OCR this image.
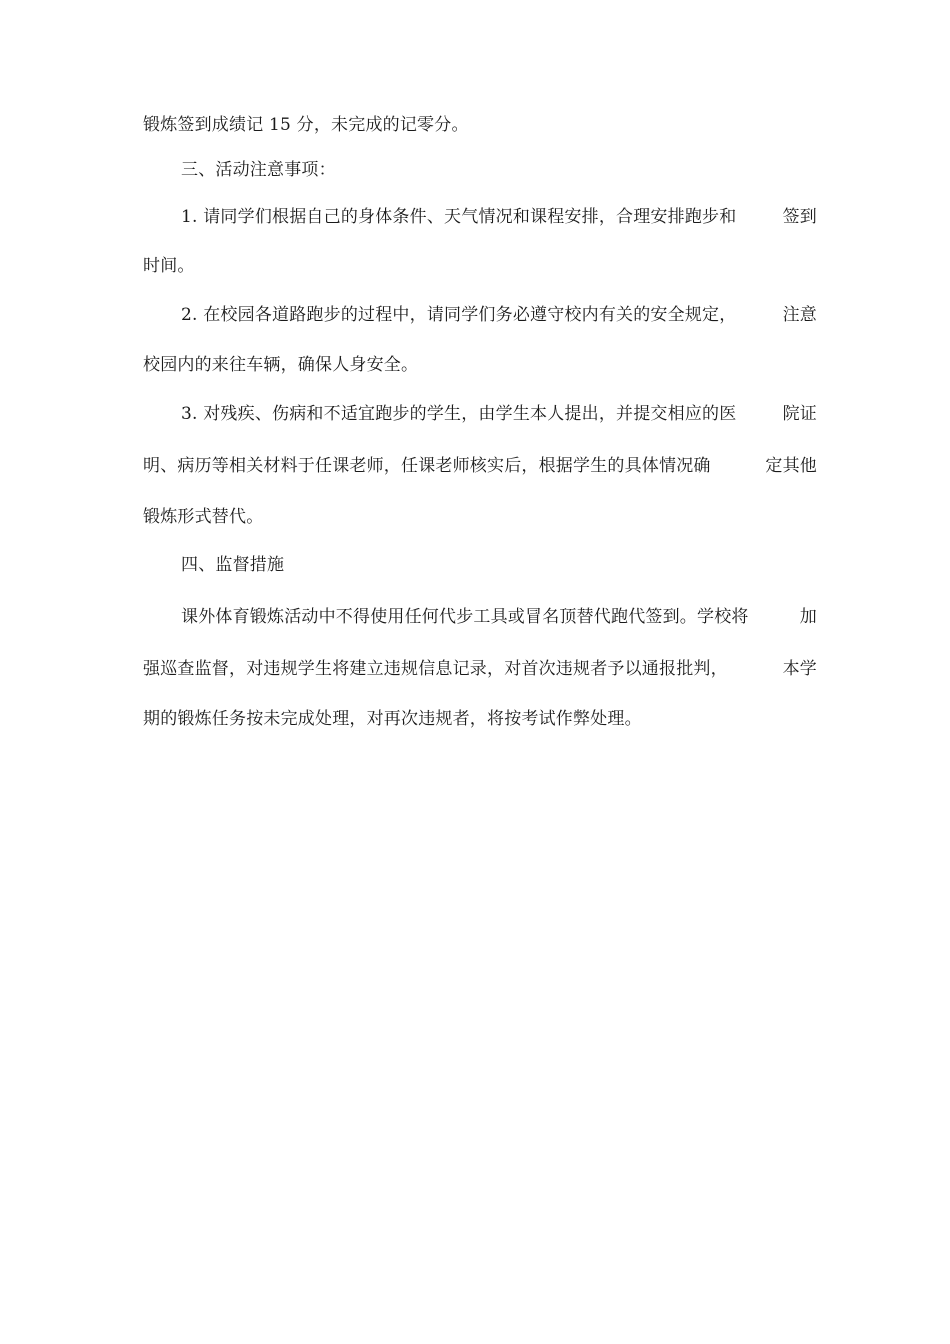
锻炼签到成绩记 15 分，未完成的记零分。
三、活动注意事项：
1. 请同学们根据自己的身体条件、天气情况和课程安排，合理安排跑步和	签到
时间。
2. 在校园各道路跑步的过程中，请同学们务必遵守校内有关的安全规定，	注意
校园内的来往车辆，确保人身安全。
3. 对残疾、伤病和不适宜跑步的学生，由学生本人提出，并提交相应的医	院证
明、病历等相关材料于任课老师，任课老师核实后，根据学生的具体情况确	定其他
锻炼形式替代。
四、监督措施
课外体育锻炼活动中不得使用任何代步工具或冒名顶替代跑代签到。学校将	加
强巡查监督，对违规学生将建立违规信息记录，对首次违规者予以通报批判，	本学
期的锻炼任务按未完成处理，对再次违规者，将按考试作弊处理。
